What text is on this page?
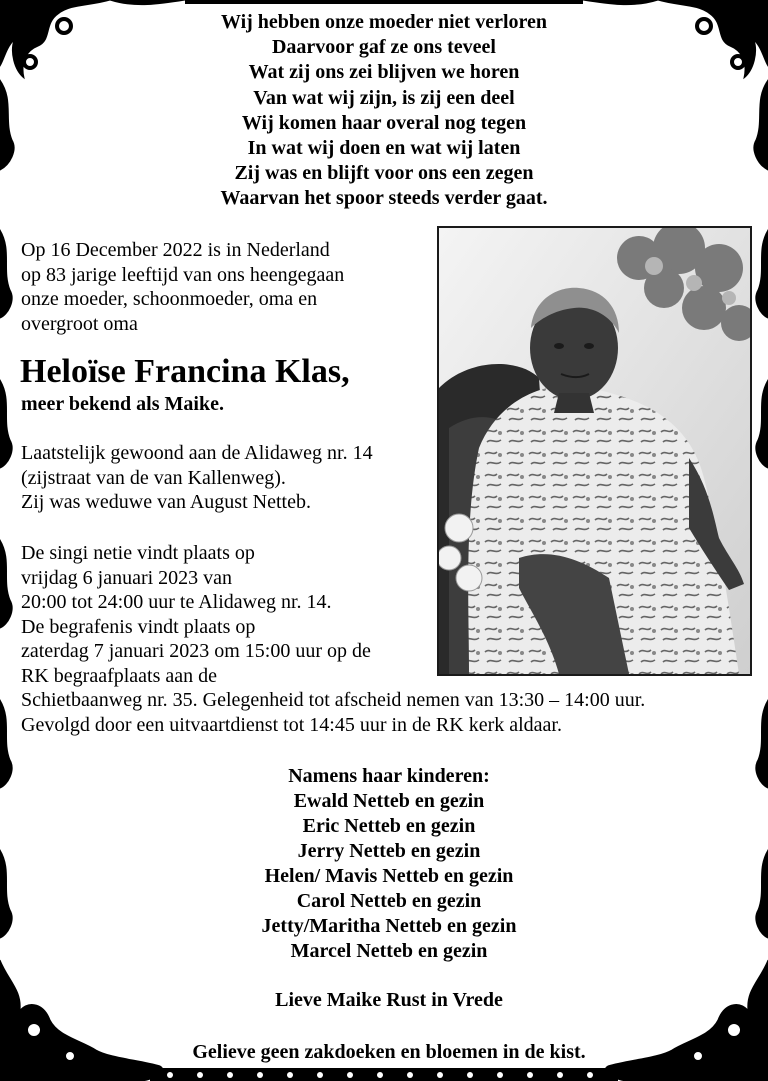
Wij hebben onze moeder niet verloren
Daarvoor gaf ze ons teveel
Wat zij ons zei blijven we horen
Van wat wij zijn, is zij een deel
Wij komen haar overal nog tegen
In wat wij doen en wat wij laten
Zij was en blijft voor ons een zegen
Waarvan het spoor steeds verder gaat.
Op 16 December 2022 is in Nederland
op 83 jarige leeftijd van ons heengegaan
onze moeder, schoonmoeder, oma en
overgroot oma
Heloïse Francina Klas,
meer bekend als Maike.
Laatstelijk gewoond aan de Alidaweg nr. 14
(zijstraat van de van Kallenweg).
Zij was weduwe van August Netteb.
De singi netie vindt plaats op
vrijdag 6 januari 2023 van
20:00 tot 24:00 uur te Alidaweg nr. 14.
De begrafenis vindt plaats op
zaterdag 7 januari 2023 om 15:00 uur op de
RK begraafplaats aan de
Schietbaanweg nr. 35. Gelegenheid tot afscheid nemen van 13:30 – 14:00 uur.
Gevolgd door een uitvaartdienst tot 14:45 uur in de RK kerk aldaar.
Namens haar kinderen:
Ewald Netteb en gezin
Eric Netteb en gezin
Jerry Netteb en gezin
Helen/ Mavis Netteb en gezin
Carol Netteb en gezin
Jetty/Maritha Netteb en gezin
Marcel Netteb en gezin
Lieve Maike Rust in Vrede
Gelieve geen zakdoeken en bloemen in de kist.
